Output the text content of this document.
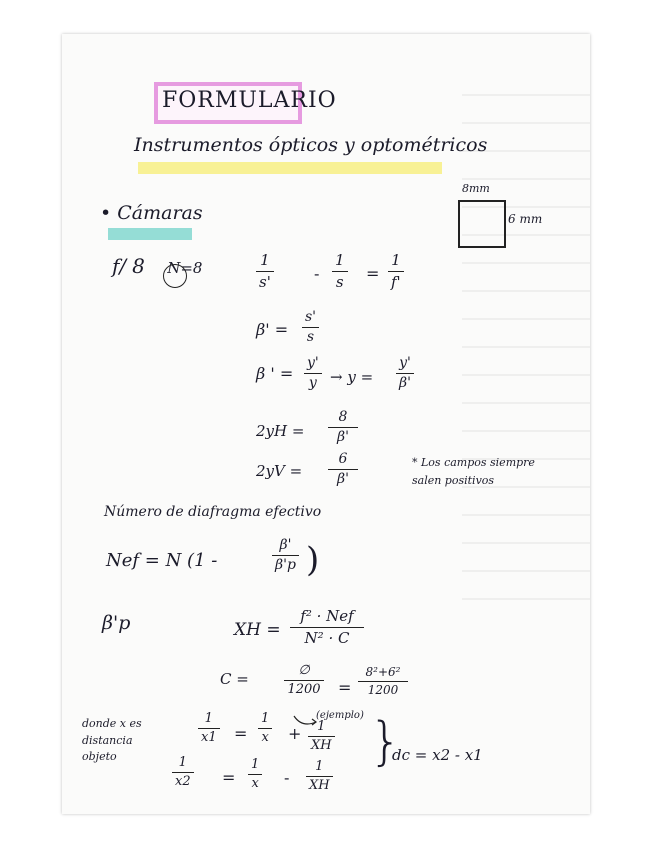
FORMULARIO
Instrumentos ópticos y optométricos
• Cámaras
8mm
6 mm
f/ 8 N=8	1
s'	-
1
s =
1
f'
β' =
s'
s
β ' =
y'
y → y =
y'
β'
2yH =
8
β'
2yV =
6
β'
* Los campos siempre salen positivos
Número de diafragma efectivo
Nef = N (1 -
β'
β'p )
β'p	XH =
f² · Nef
N² · C
C =	∅
1200 =
8²+6²
1200
(ejemplo)
donde x es distancia objeto
1
x1 =
1
x + 1
XH
1
x2 =
1
x -
1
XH
}
dc = x2 - x1
